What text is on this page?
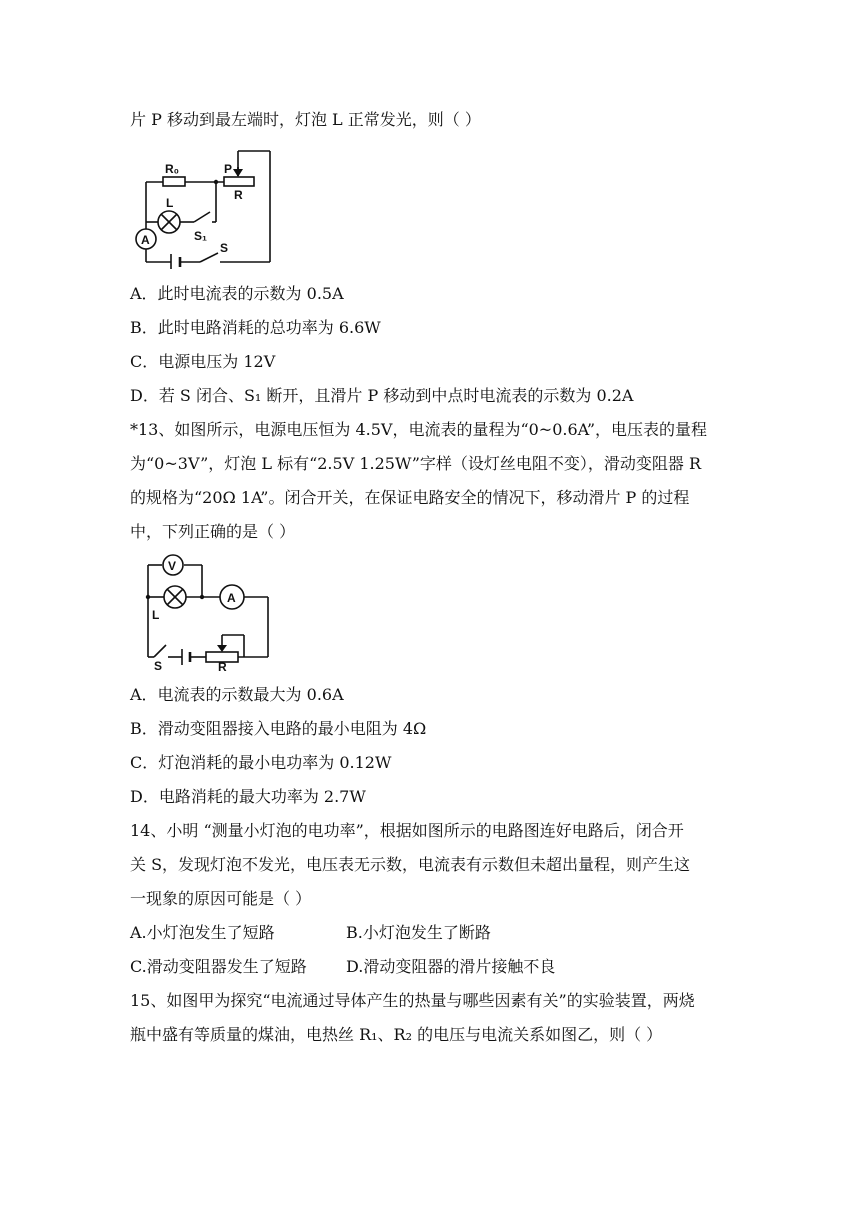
片 P 移动到最左端时，灯泡 L 正常发光，则（ ）
R₀	P
R
L
A	S₁
S
A．此时电流表的示数为 0.5A
B．此时电路消耗的总功率为 6.6W
C．电源电压为 12V
D．若 S 闭合、S₁ 断开，且滑片 P 移动到中点时电流表的示数为 0.2A
*13、如图所示，电源电压恒为 4.5V，电流表的量程为“0~0.6A”，电压表的量程
为“0~3V”，灯泡 L 标有“2.5V 1.25W”字样（设灯丝电阻不变），滑动变阻器 R
的规格为“20Ω 1A”。闭合开关，在保证电路安全的情况下，移动滑片 P 的过程
中，下列正确的是（ ）
V
A
L
S	R
A．电流表的示数最大为 0.6A
B．滑动变阻器接入电路的最小电阻为 4Ω
C．灯泡消耗的最小电功率为 0.12W
D．电路消耗的最大功率为 2.7W
14、小明 “测量小灯泡的电功率”，根据如图所示的电路图连好电路后，闭合开
关 S，发现灯泡不发光，电压表无示数，电流表有示数但未超出量程，则产生这
一现象的原因可能是（ ）
A.小灯泡发生了短路	B.小灯泡发生了断路
C.滑动变阻器发生了短路 D.滑动变阻器的滑片接触不良
15、如图甲为探究“电流通过导体产生的热量与哪些因素有关”的实验装置，两烧
瓶中盛有等质量的煤油，电热丝 R₁、R₂ 的电压与电流关系如图乙，则（ ）
